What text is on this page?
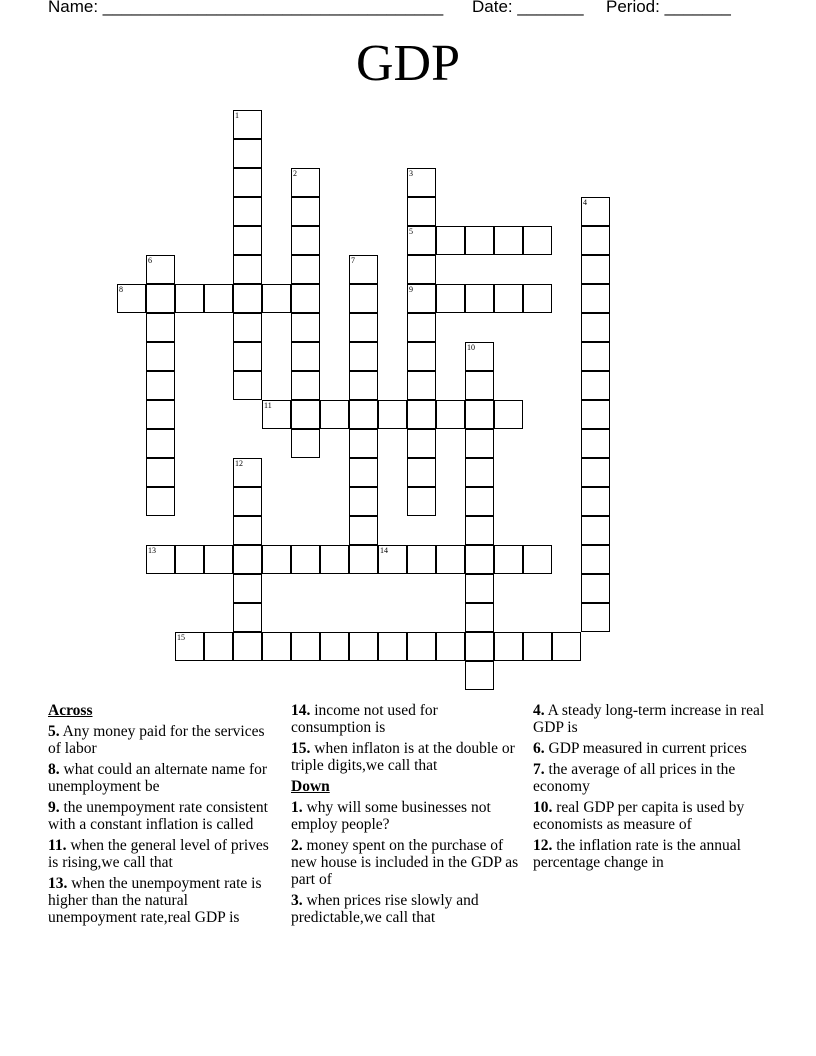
Name: ____________________________________

Date: _______

Period: _______

GDP
1
2	3
5
9
4
6	7
8
10
11
12
13	14
15
Across
5. Any money paid for the services of labor
8. what could an alternate name for unemployment be
9. the unempoyment rate consistent with a constant inflation is called
11. when the general level of prives is rising,we call that
13. when the unempoyment rate is higher than the natural unempoyment rate,real GDP is
14. income not used for consumption is
15. when inflaton is at the double or triple digits,we call that
Down
1. why will some businesses not employ people?
2. money spent on the purchase of new house is included in the GDP as part of
3. when prices rise slowly and predictable,we call that
4. A steady long-term increase in real GDP is
6. GDP measured in current prices
7. the average of all prices in the economy
10. real GDP per capita is used by economists as measure of
12. the inflation rate is the annual percentage change in
